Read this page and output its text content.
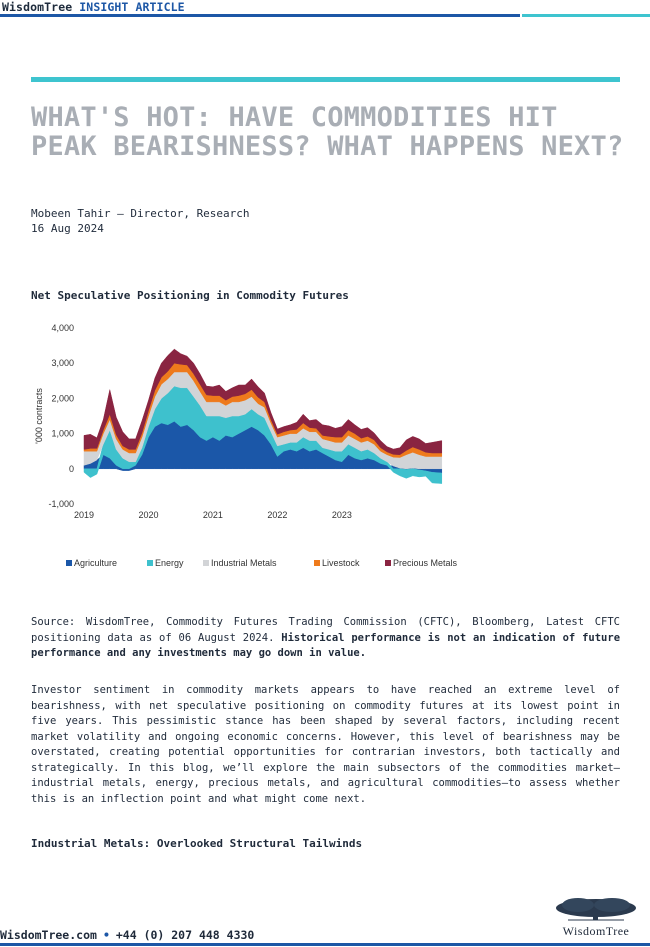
WisdomTree INSIGHT ARTICLE
WHAT'S HOT: HAVE COMMODITIES HIT PEAK BEARISHNESS? WHAT HAPPENS NEXT?
Mobeen Tahir – Director, Research
16 Aug 2024
Net Speculative Positioning in Commodity Futures
-1,000
0
1,000
2,000
3,000
4,000
2019	2020	2021	2022	2023
'000 contracts
Agriculture	Energy	Industrial Metals	Livestock	Precious Metals

Source: WisdomTree, Commodity Futures Trading Commission (CFTC), Bloomberg, Latest CFTC positioning data as of 06 August 2024. Historical performance is not an indication of future performance and any investments may go down in value.

Investor sentiment in commodity markets appears to have reached an extreme level of bearishness, with net speculative positioning on commodity futures at its lowest point in five years. This pessimistic stance has been shaped by several factors, including recent market volatility and ongoing economic concerns. However, this level of bearishness may be overstated, creating potential opportunities for contrarian investors, both tactically and strategically. In this blog, we’ll explore the main subsectors of the commodities market—industrial metals, energy, precious metals, and agricultural commodities—to assess whether this is an inflection point and what might come next.

Industrial Metals: Overlooked Structural Tailwinds
WisdomTree.com • +44 (0) 207 448 4330	WisdomTree
